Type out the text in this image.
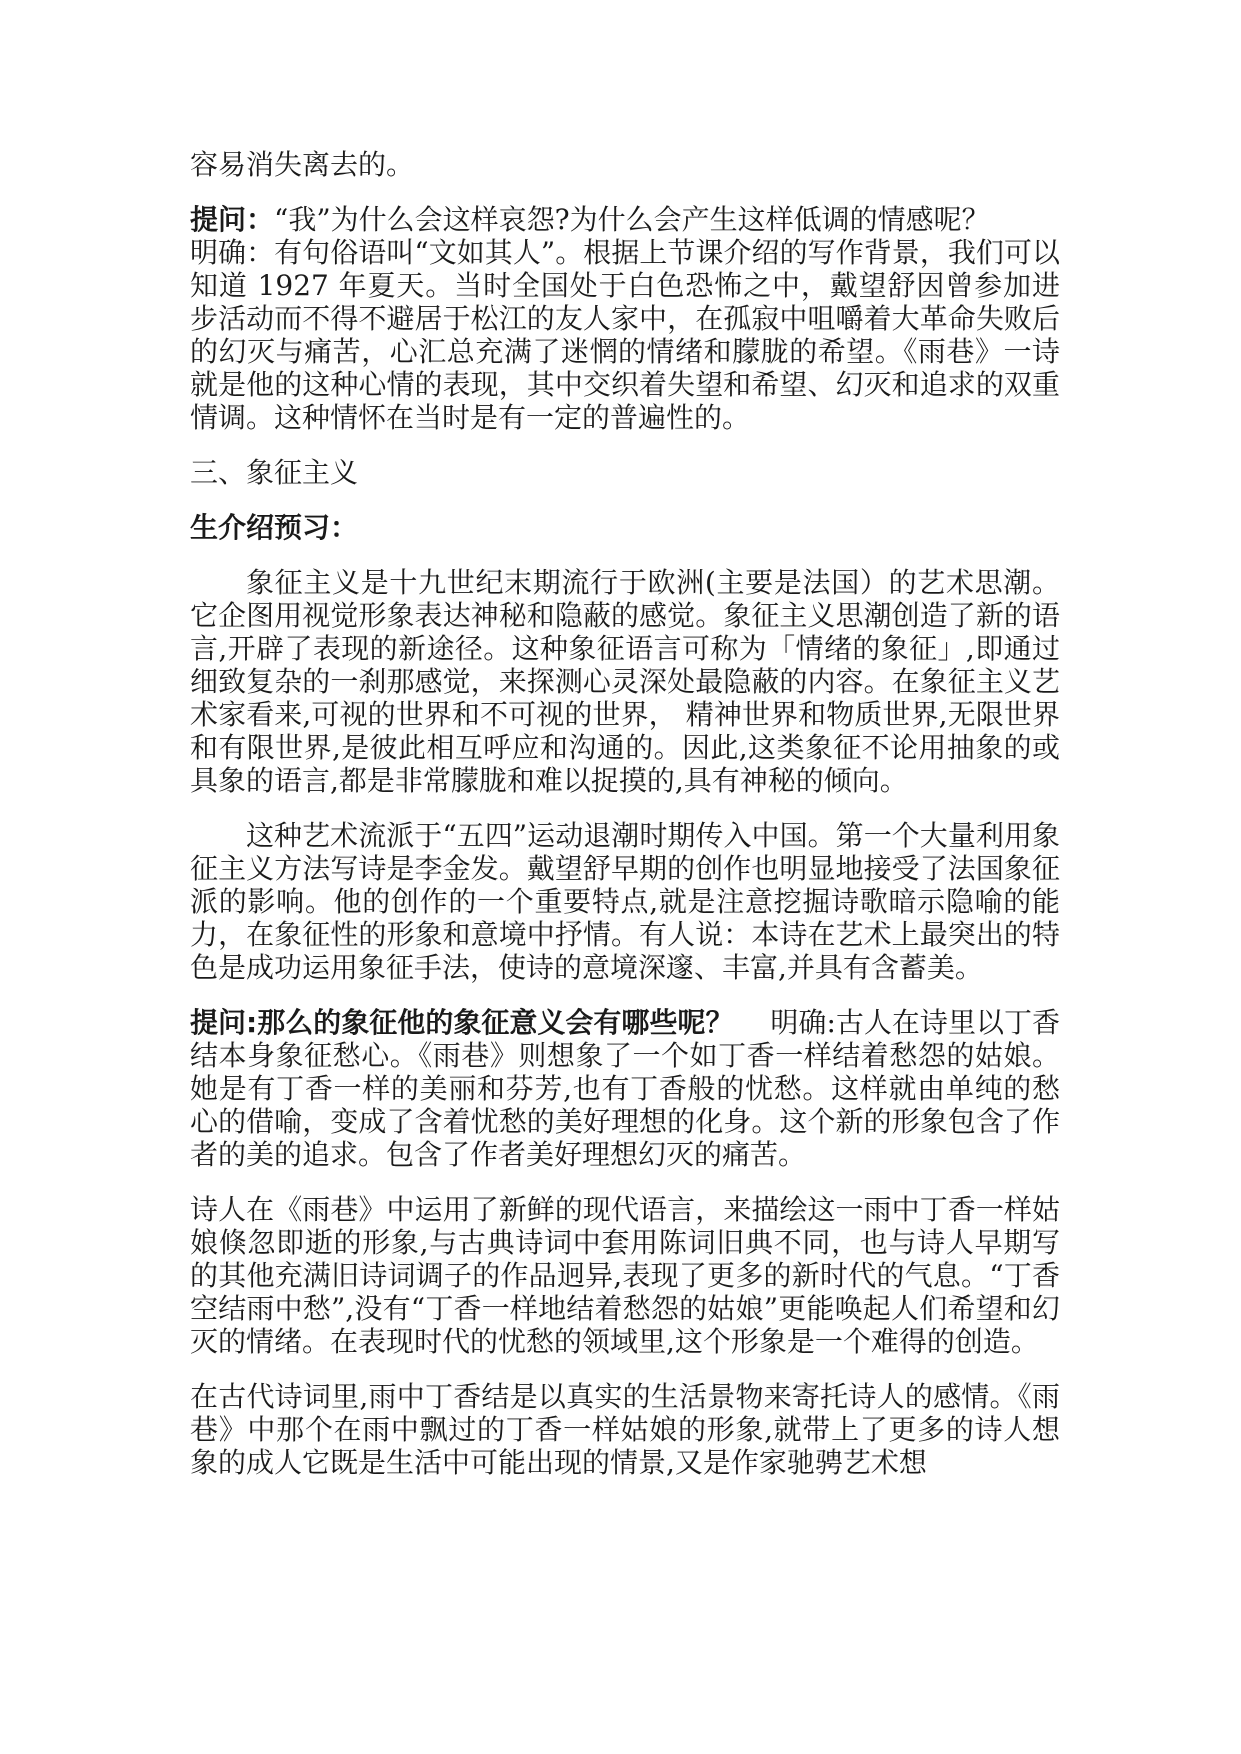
容易消失离去的。

提问：“我”为什么会这样哀怨?为什么会产生这样低调的情感呢？
明确：有句俗语叫“文如其人”。根据上节课介绍的写作背景，我们可以知道 1927 年夏天。当时全国处于白色恐怖之中，戴望舒因曾参加进步活动而不得不避居于松江的友人家中，在孤寂中咀嚼着大革命失败后的幻灭与痛苦，心汇总充满了迷惘的情绪和朦胧的希望。《雨巷》一诗就是他的这种心情的表现，其中交织着失望和希望、幻灭和追求的双重情调。这种情怀在当时是有一定的普遍性的。

三、象征主义

生介绍预习：

象征主义是十九世纪末期流行于欧洲(主要是法国）的艺术思潮。它企图用视觉形象表达神秘和隐蔽的感觉。象征主义思潮创造了新的语言,开辟了表现的新途径。这种象征语言可称为「情绪的象征」,即通过细致复杂的一刹那感觉，来探测心灵深处最隐蔽的内容。在象征主义艺术家看来,可视的世界和不可视的世界， 精神世界和物质世界,无限世界和有限世界,是彼此相互呼应和沟通的。因此,这类象征不论用抽象的或具象的语言,都是非常朦胧和难以捉摸的,具有神秘的倾向。

这种艺术流派于“五四”运动退潮时期传入中国。第一个大量利用象征主义方法写诗是李金发。戴望舒早期的创作也明显地接受了法国象征派的影响。他的创作的一个重要特点,就是注意挖掘诗歌暗示隐喻的能力，在象征性的形象和意境中抒情。有人说：本诗在艺术上最突出的特色是成功运用象征手法，使诗的意境深邃、丰富,并具有含蓄美。

提问:那么的象征他的象征意义会有哪些呢？　 明确:古人在诗里以丁香结本身象征愁心。《雨巷》则想象了一个如丁香一样结着愁怨的姑娘。她是有丁香一样的美丽和芬芳,也有丁香般的忧愁。这样就由单纯的愁心的借喻，变成了含着忧愁的美好理想的化身。这个新的形象包含了作者的美的追求。包含了作者美好理想幻灭的痛苦。

诗人在《雨巷》中运用了新鲜的现代语言，来描绘这一雨中丁香一样姑娘倏忽即逝的形象,与古典诗词中套用陈词旧典不同，也与诗人早期写的其他充满旧诗词调子的作品迥异,表现了更多的新时代的气息。“丁香空结雨中愁”,没有“丁香一样地结着愁怨的姑娘”更能唤起人们希望和幻灭的情绪。在表现时代的忧愁的领域里,这个形象是一个难得的创造。

在古代诗词里,雨中丁香结是以真实的生活景物来寄托诗人的感情。《雨巷》中那个在雨中飘过的丁香一样姑娘的形象,就带上了更多的诗人想象的成人它既是生活中可能出现的情景,又是作家驰骋艺术想
